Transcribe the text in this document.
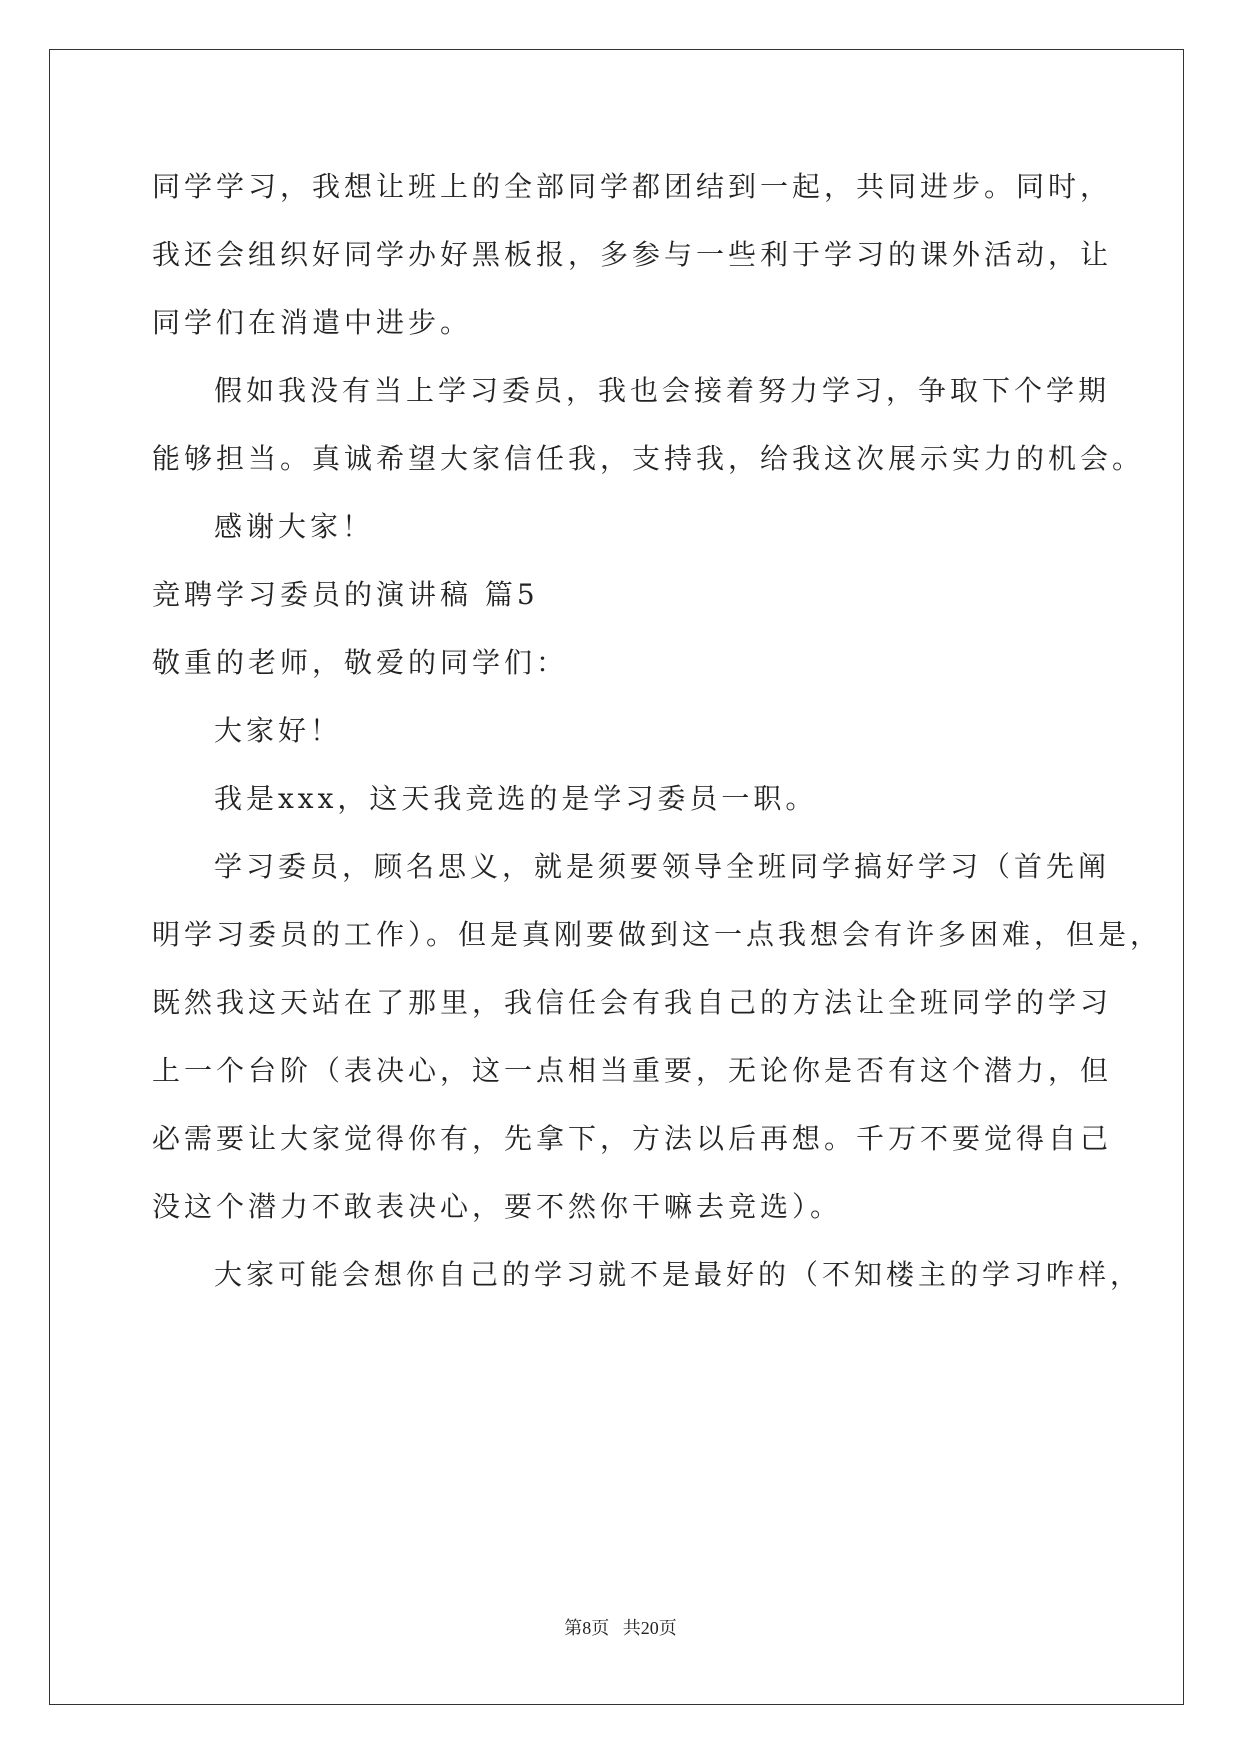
同学学习，我想让班上的全部同学都团结到一起，共同进步。同时，
我还会组织好同学办好黑板报，多参与一些利于学习的课外活动，让
同学们在消遣中进步。
假如我没有当上学习委员，我也会接着努力学习，争取下个学期
能够担当。真诚希望大家信任我，支持我，给我这次展示实力的机会。
感谢大家！
竞聘学习委员的演讲稿 篇5
敬重的老师，敬爱的同学们：
大家好！
我是xxx，这天我竞选的是学习委员一职。
学习委员，顾名思义，就是须要领导全班同学搞好学习（首先阐
明学习委员的工作）。但是真刚要做到这一点我想会有许多困难，但是，
既然我这天站在了那里，我信任会有我自己的方法让全班同学的学习
上一个台阶（表决心，这一点相当重要，无论你是否有这个潜力，但
必需要让大家觉得你有，先拿下，方法以后再想。千万不要觉得自己
没这个潜力不敢表决心，要不然你干嘛去竞选）。
大家可能会想你自己的学习就不是最好的（不知楼主的学习咋样，
第8页 共20页
